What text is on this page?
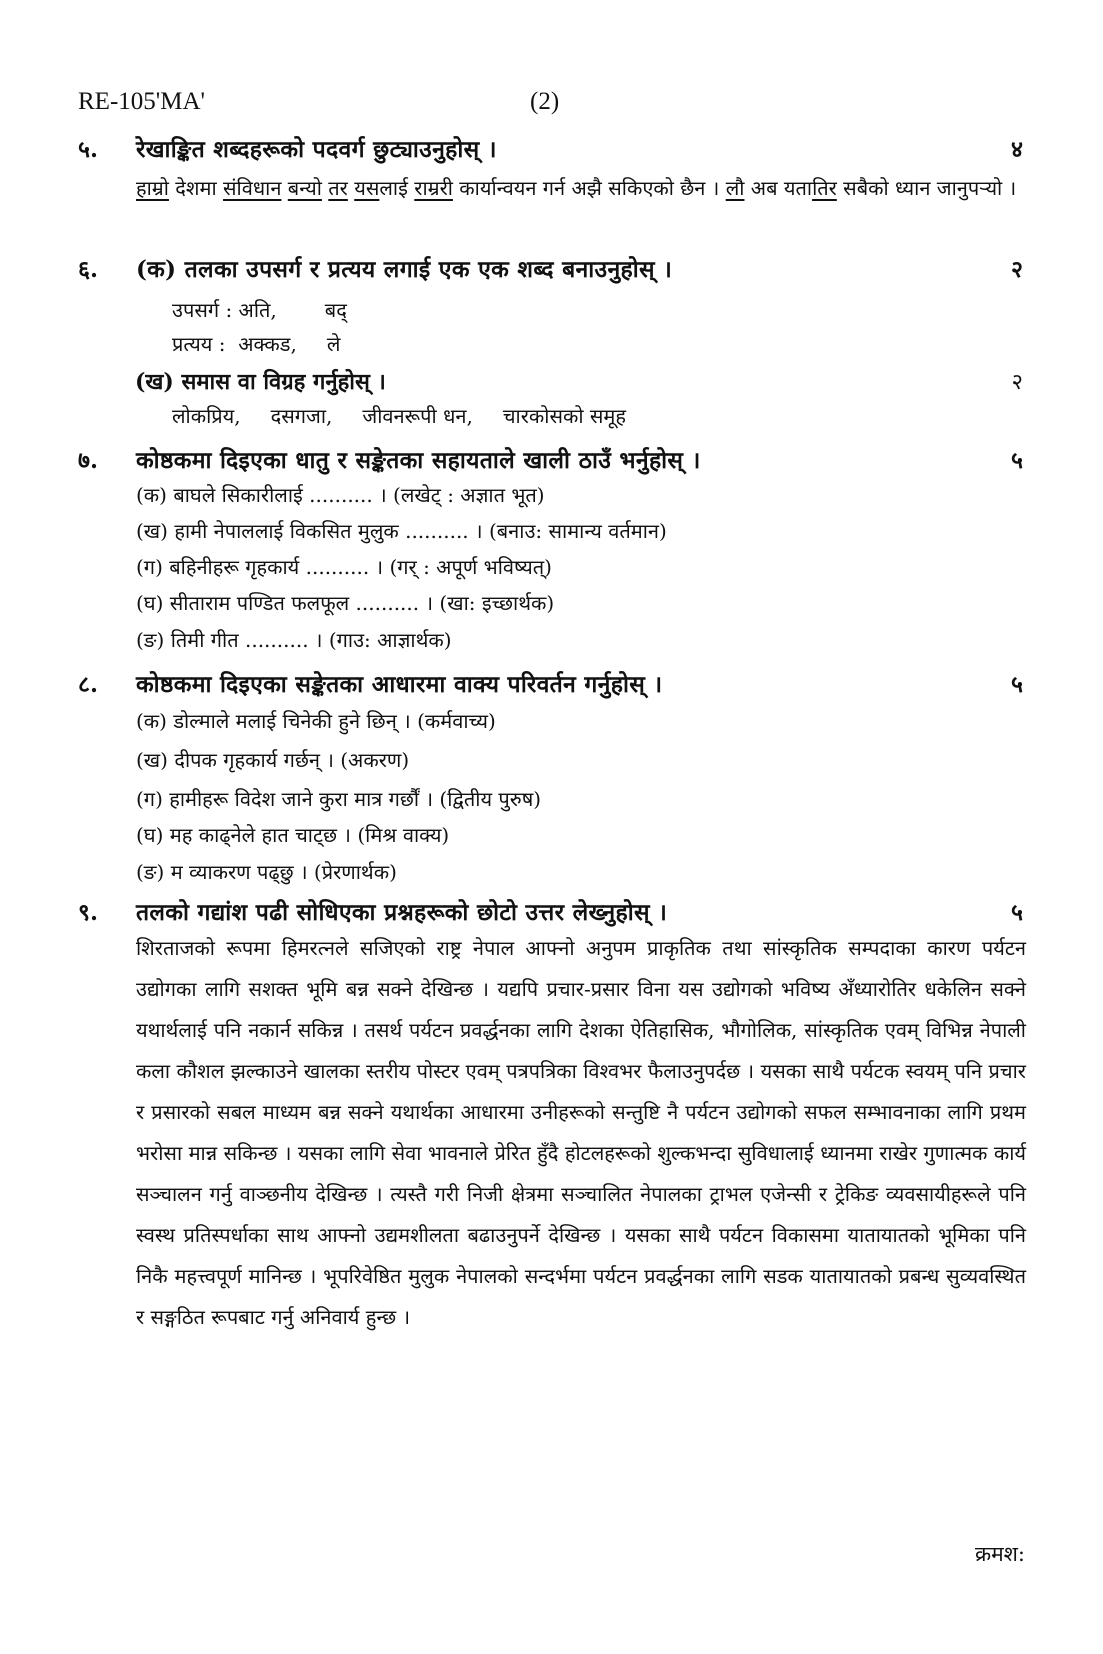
RE-105'MA'	(2)
५.	रेखाङ्कित शब्दहरूको पदवर्ग छुट्याउनुहोस् ।	४
हाम्रो देशमा संविधान बन्यो तर यसलाई राम्ररी कार्यान्वयन गर्न अझै सकिएको छैन । लौ अब यतातिर सबैको ध्यान जानुपर्‍यो ।
६.	(क) तलका उपसर्ग र प्रत्यय लगाई एक एक शब्द बनाउनुहोस् ।	२
उपसर्ग : अति, बद्
प्रत्यय : अक्कड, ले
(ख) समास वा विग्रह गर्नुहोस् ।	२
लोकप्रिय, दसगजा, जीवनरूपी धन, चारकोसको समूह
७.	कोष्ठकमा दिइएका धातु र सङ्केतका सहायताले खाली ठाउँ भर्नुहोस् ।	५
(क) बाघले सिकारीलाई .......... । (लखेट् : अज्ञात भूत)
(ख) हामी नेपाललाई विकसित मुलुक .......... । (बनाउ: सामान्य वर्तमान)
(ग) बहिनीहरू गृहकार्य .......... । (गर् : अपूर्ण भविष्यत्)
(घ) सीताराम पण्डित फलफूल .......... । (खा: इच्छार्थक)
(ङ) तिमी गीत .......... । (गाउ: आज्ञार्थक)
८.	कोष्ठकमा दिइएका सङ्केतका आधारमा वाक्य परिवर्तन गर्नुहोस् ।	५
(क) डोल्माले मलाई चिनेकी हुने छिन् । (कर्मवाच्य)
(ख) दीपक गृहकार्य गर्छन् । (अकरण)
(ग) हामीहरू विदेश जाने कुरा मात्र गर्छौं । (द्वितीय पुरुष)
(घ) मह काढ्नेले हात चाट्छ । (मिश्र वाक्य)
(ङ) म व्याकरण पढ्छु । (प्रेरणार्थक)
९.	तलको गद्यांश पढी सोधिएका प्रश्नहरूको छोटो उत्तर लेख्नुहोस् ।	५
शिरताजको रूपमा हिमरत्नले सजिएको राष्ट्र नेपाल आफ्नो अनुपम प्राकृतिक तथा सांस्कृतिक सम्पदाका कारण पर्यटन उद्योगका लागि सशक्त भूमि बन्न सक्ने देखिन्छ । यद्यपि प्रचार-प्रसार विना यस उद्योगको भविष्य अँध्यारोतिर धकेलिन सक्ने यथार्थलाई पनि नकार्न सकिन्न । तसर्थ पर्यटन प्रवर्द्धनका लागि देशका ऐतिहासिक, भौगोलिक, सांस्कृतिक एवम् विभिन्न नेपाली कला कौशल झल्काउने खालका स्तरीय पोस्टर एवम् पत्रपत्रिका विश्वभर फैलाउनुपर्दछ । यसका साथै पर्यटक स्वयम् पनि प्रचार र प्रसारको सबल माध्यम बन्न सक्ने यथार्थका आधारमा उनीहरूको सन्तुष्टि नै पर्यटन उद्योगको सफल सम्भावनाका लागि प्रथम भरोसा मान्न सकिन्छ । यसका लागि सेवा भावनाले प्रेरित हुँदै होटलहरूको शुल्कभन्दा सुविधालाई ध्यानमा राखेर गुणात्मक कार्य सञ्चालन गर्नु वाञ्छनीय देखिन्छ । त्यस्तै गरी निजी क्षेत्रमा सञ्चालित नेपालका ट्राभल एजेन्सी र ट्रेकिङ व्यवसायीहरूले पनि स्वस्थ प्रतिस्पर्धाका साथ आफ्नो उद्यमशीलता बढाउनुपर्ने देखिन्छ । यसका साथै पर्यटन विकासमा यातायातको भूमिका पनि निकै महत्त्वपूर्ण मानिन्छ । भूपरिवेष्ठित मुलुक नेपालको सन्दर्भमा पर्यटन प्रवर्द्धनका लागि सडक यातायातको प्रबन्ध सुव्यवस्थित र सङ्गठित रूपबाट गर्नु अनिवार्य हुन्छ ।
क्रमश:
